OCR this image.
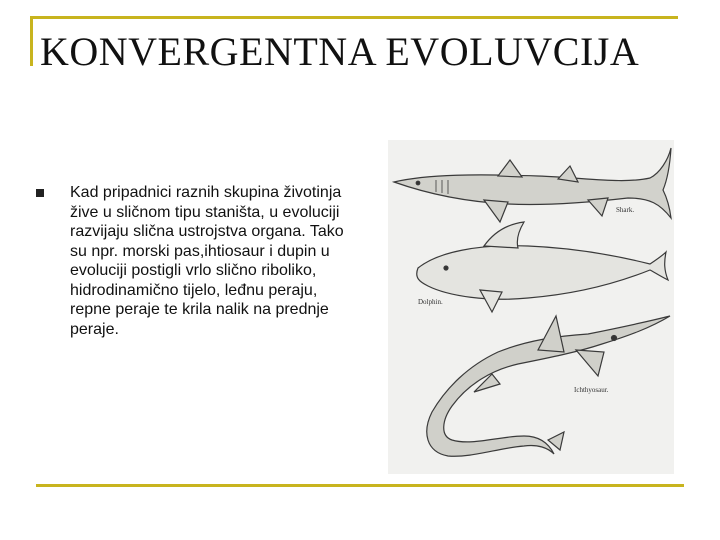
KONVERGENTNA EVOLUVCIJA
Kad pripadnici raznih skupina životinja žive u sličnom tipu staništa, u evoluciji razvijaju slična ustrojstva organa. Tako su npr. morski pas,ihtiosaur i dupin u evoluciji postigli vrlo slično riboliko, hidrodinamično tijelo, leđnu peraju, repne peraje te krila nalik na prednje peraje.
Shark.
Dolphin.
Ichthyosaur.
